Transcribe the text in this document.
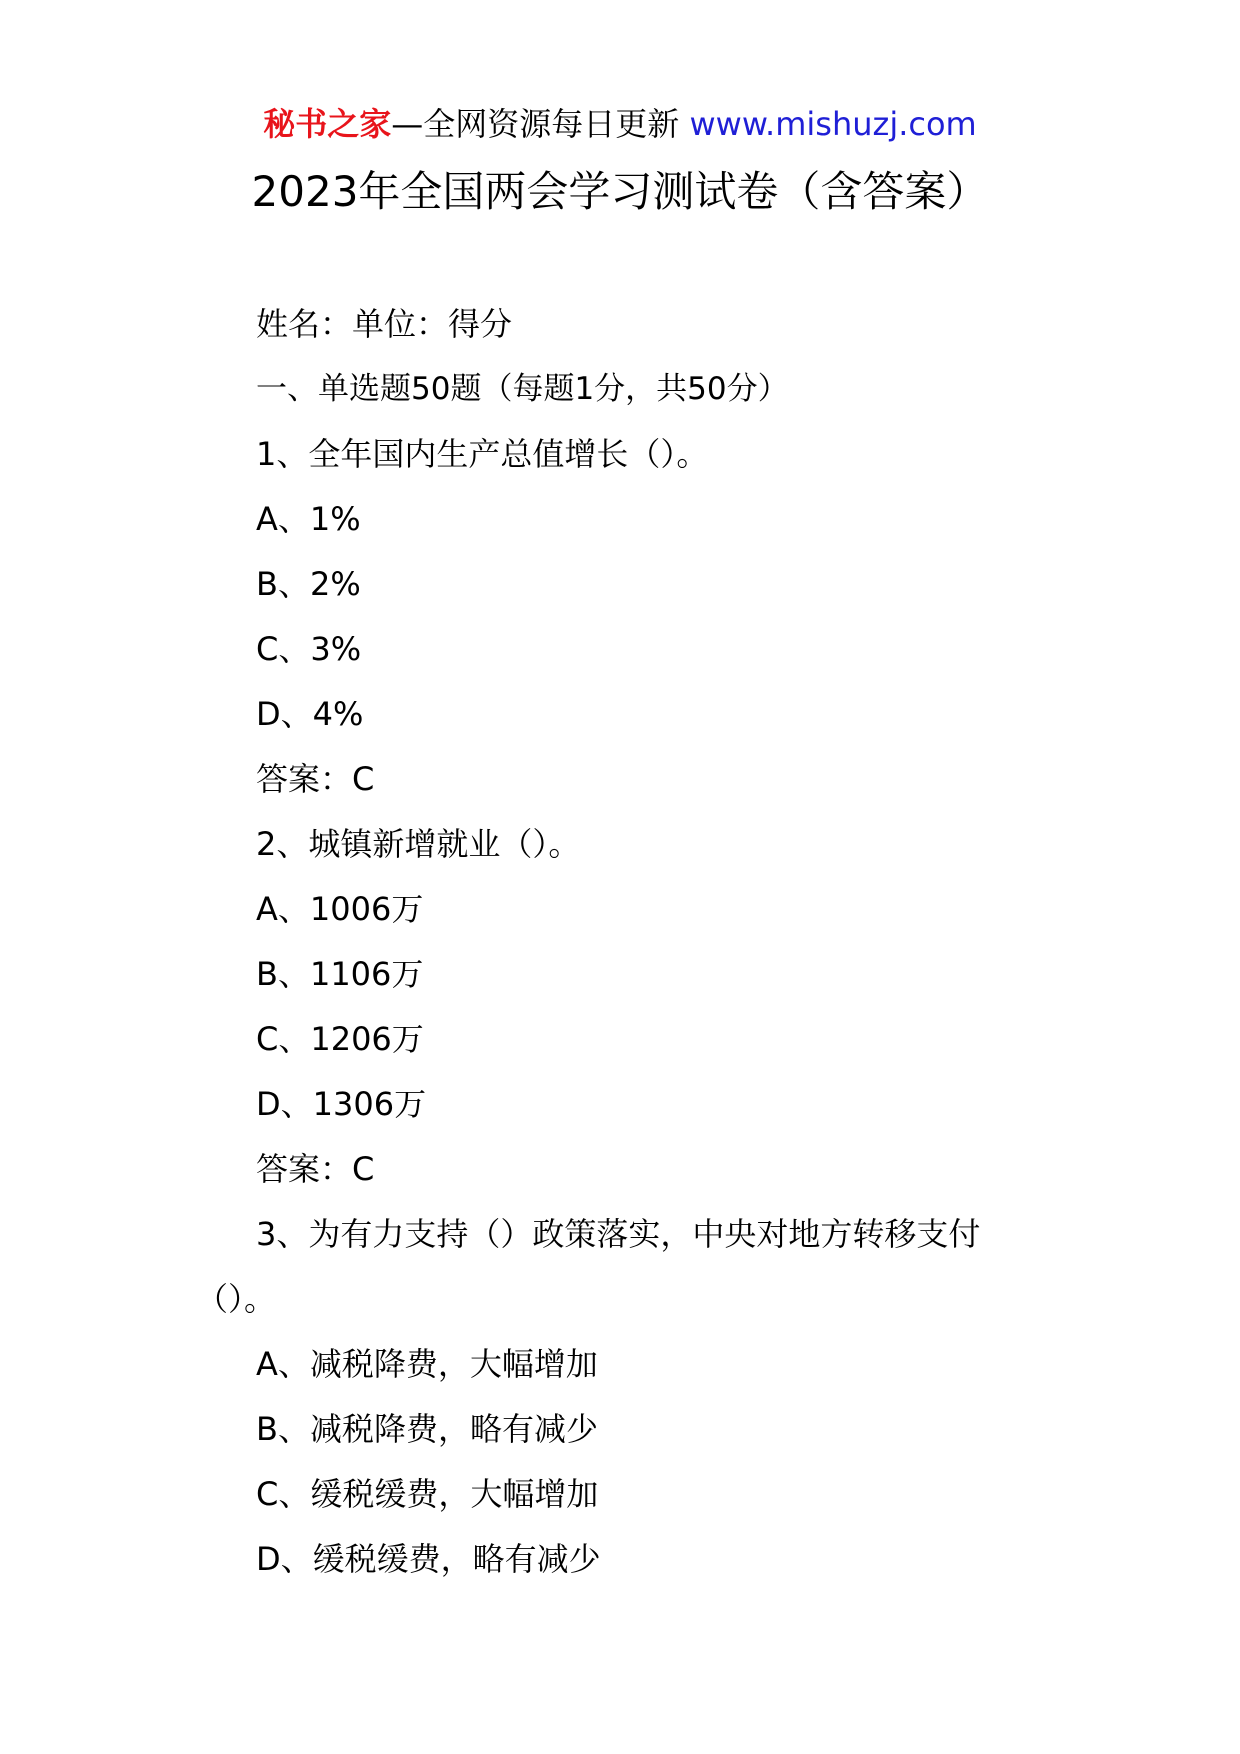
秘书之家—全网资源每日更新 www.mishuzj.com
2023年全国两会学习测试卷（含答案）
姓名：单位：得分
一、单选题50题（每题1分，共50分）
1、全年国内生产总值增长（）。
A、1%
B、2%
C、3%
D、4%
答案：C
2、城镇新增就业（）。
A、1006万
B、1106万
C、1206万
D、1306万
答案：C
3、为有力支持（）政策落实，中央对地方转移支付
（）。
A、减税降费，大幅增加
B、减税降费，略有减少
C、缓税缓费，大幅增加
D、缓税缓费，略有减少
